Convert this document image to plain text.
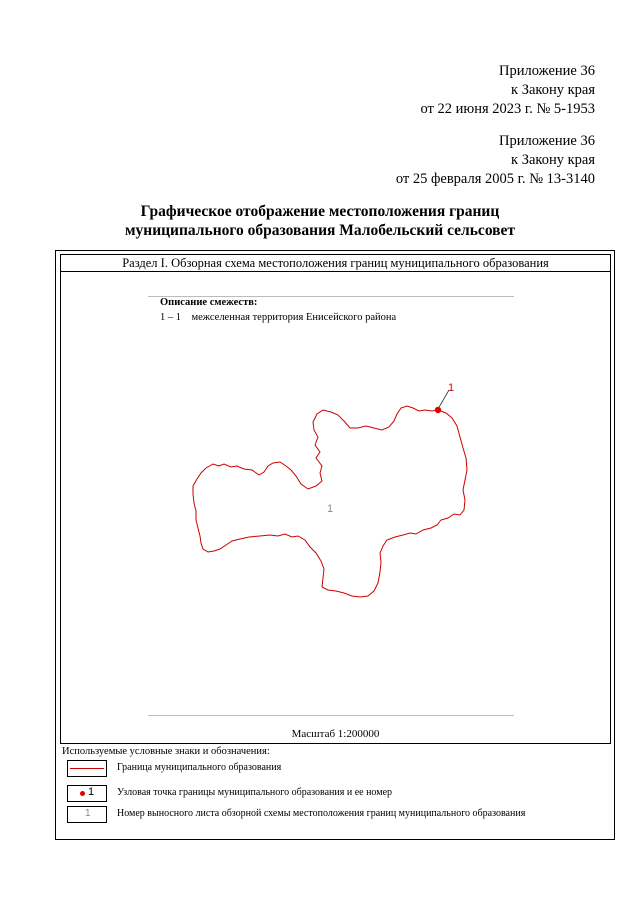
Приложение 36
к Закону края
от 22 июня 2023 г. № 5-1953
Приложение 36
к Закону края
от 25 февраля 2005 г. № 13-3140
Графическое отображение местоположения границ
муниципального образования Малобельский сельсовет
Раздел I. Обзорная схема местоположения границ муниципального образования
Описание смежеств:
1 – 1    межселенная территория Енисейского района
1
1
Масштаб 1:200000
Используемые условные знаки и обозначения:
Граница муниципального образования
1 Узловая точка границы муниципального образования и ее номер
1	Номер выносного листа обзорной схемы местоположения границ муниципального образования
